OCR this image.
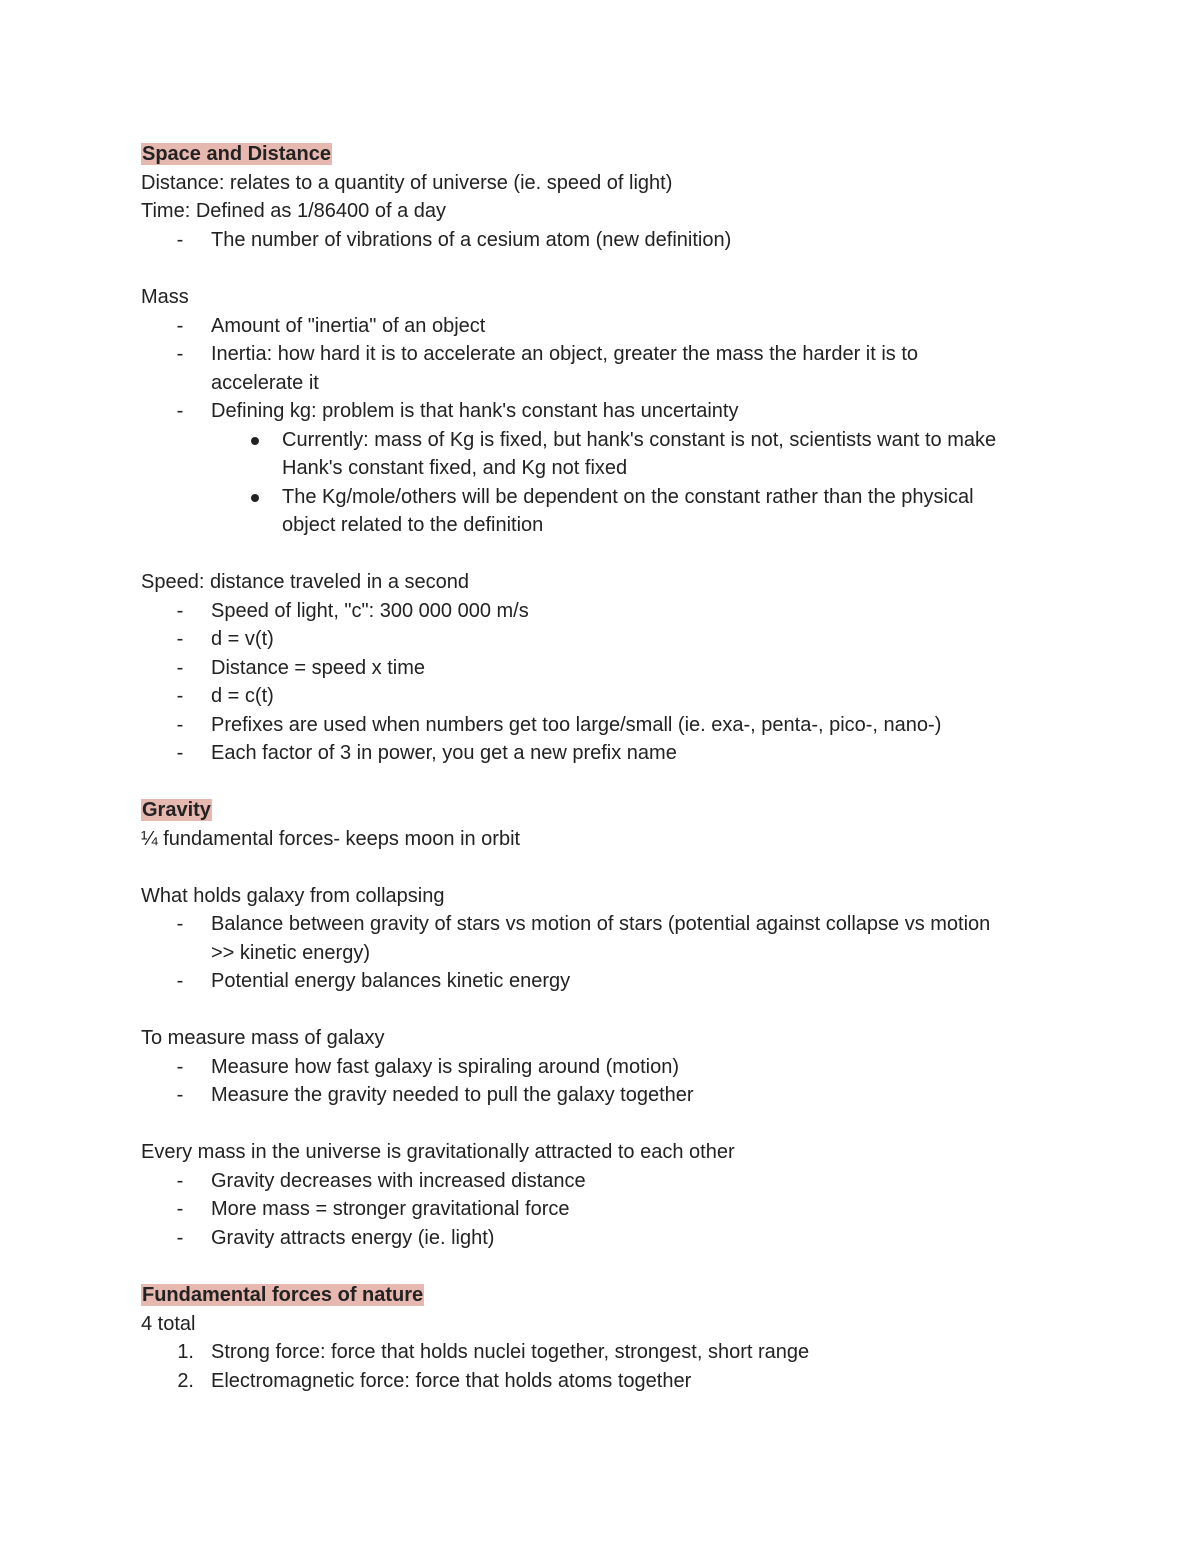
Space and Distance
Distance: relates to a quantity of universe (ie. speed of light)
Time: Defined as 1/86400 of a day
- The number of vibrations of a cesium atom (new definition)
Mass
- Amount of "inertia" of an object
- Inertia: how hard it is to accelerate an object, greater the mass the harder it is to
accelerate it
- Defining kg: problem is that hank's constant has uncertainty
Currently: mass of Kg is fixed, but hank's constant is not, scientists want to make
Hank's constant fixed, and Kg not fixed
The Kg/mole/others will be dependent on the constant rather than the physical
object related to the definition
Speed: distance traveled in a second
- Speed of light, "c": 300 000 000 m/s
- d = v(t)
- Distance = speed x time
- d = c(t)
- Prefixes are used when numbers get too large/small (ie. exa-, penta-, pico-, nano-)
- Each factor of 3 in power, you get a new prefix name
Gravity
¼ fundamental forces- keeps moon in orbit
What holds galaxy from collapsing
- Balance between gravity of stars vs motion of stars (potential against collapse vs motion
>> kinetic energy)
- Potential energy balances kinetic energy
To measure mass of galaxy
- Measure how fast galaxy is spiraling around (motion)
- Measure the gravity needed to pull the galaxy together
Every mass in the universe is gravitationally attracted to each other
- Gravity decreases with increased distance
- More mass = stronger gravitational force
- Gravity attracts energy (ie. light)
Fundamental forces of nature
4 total
1. Strong force: force that holds nuclei together, strongest, short range
2. Electromagnetic force: force that holds atoms together
